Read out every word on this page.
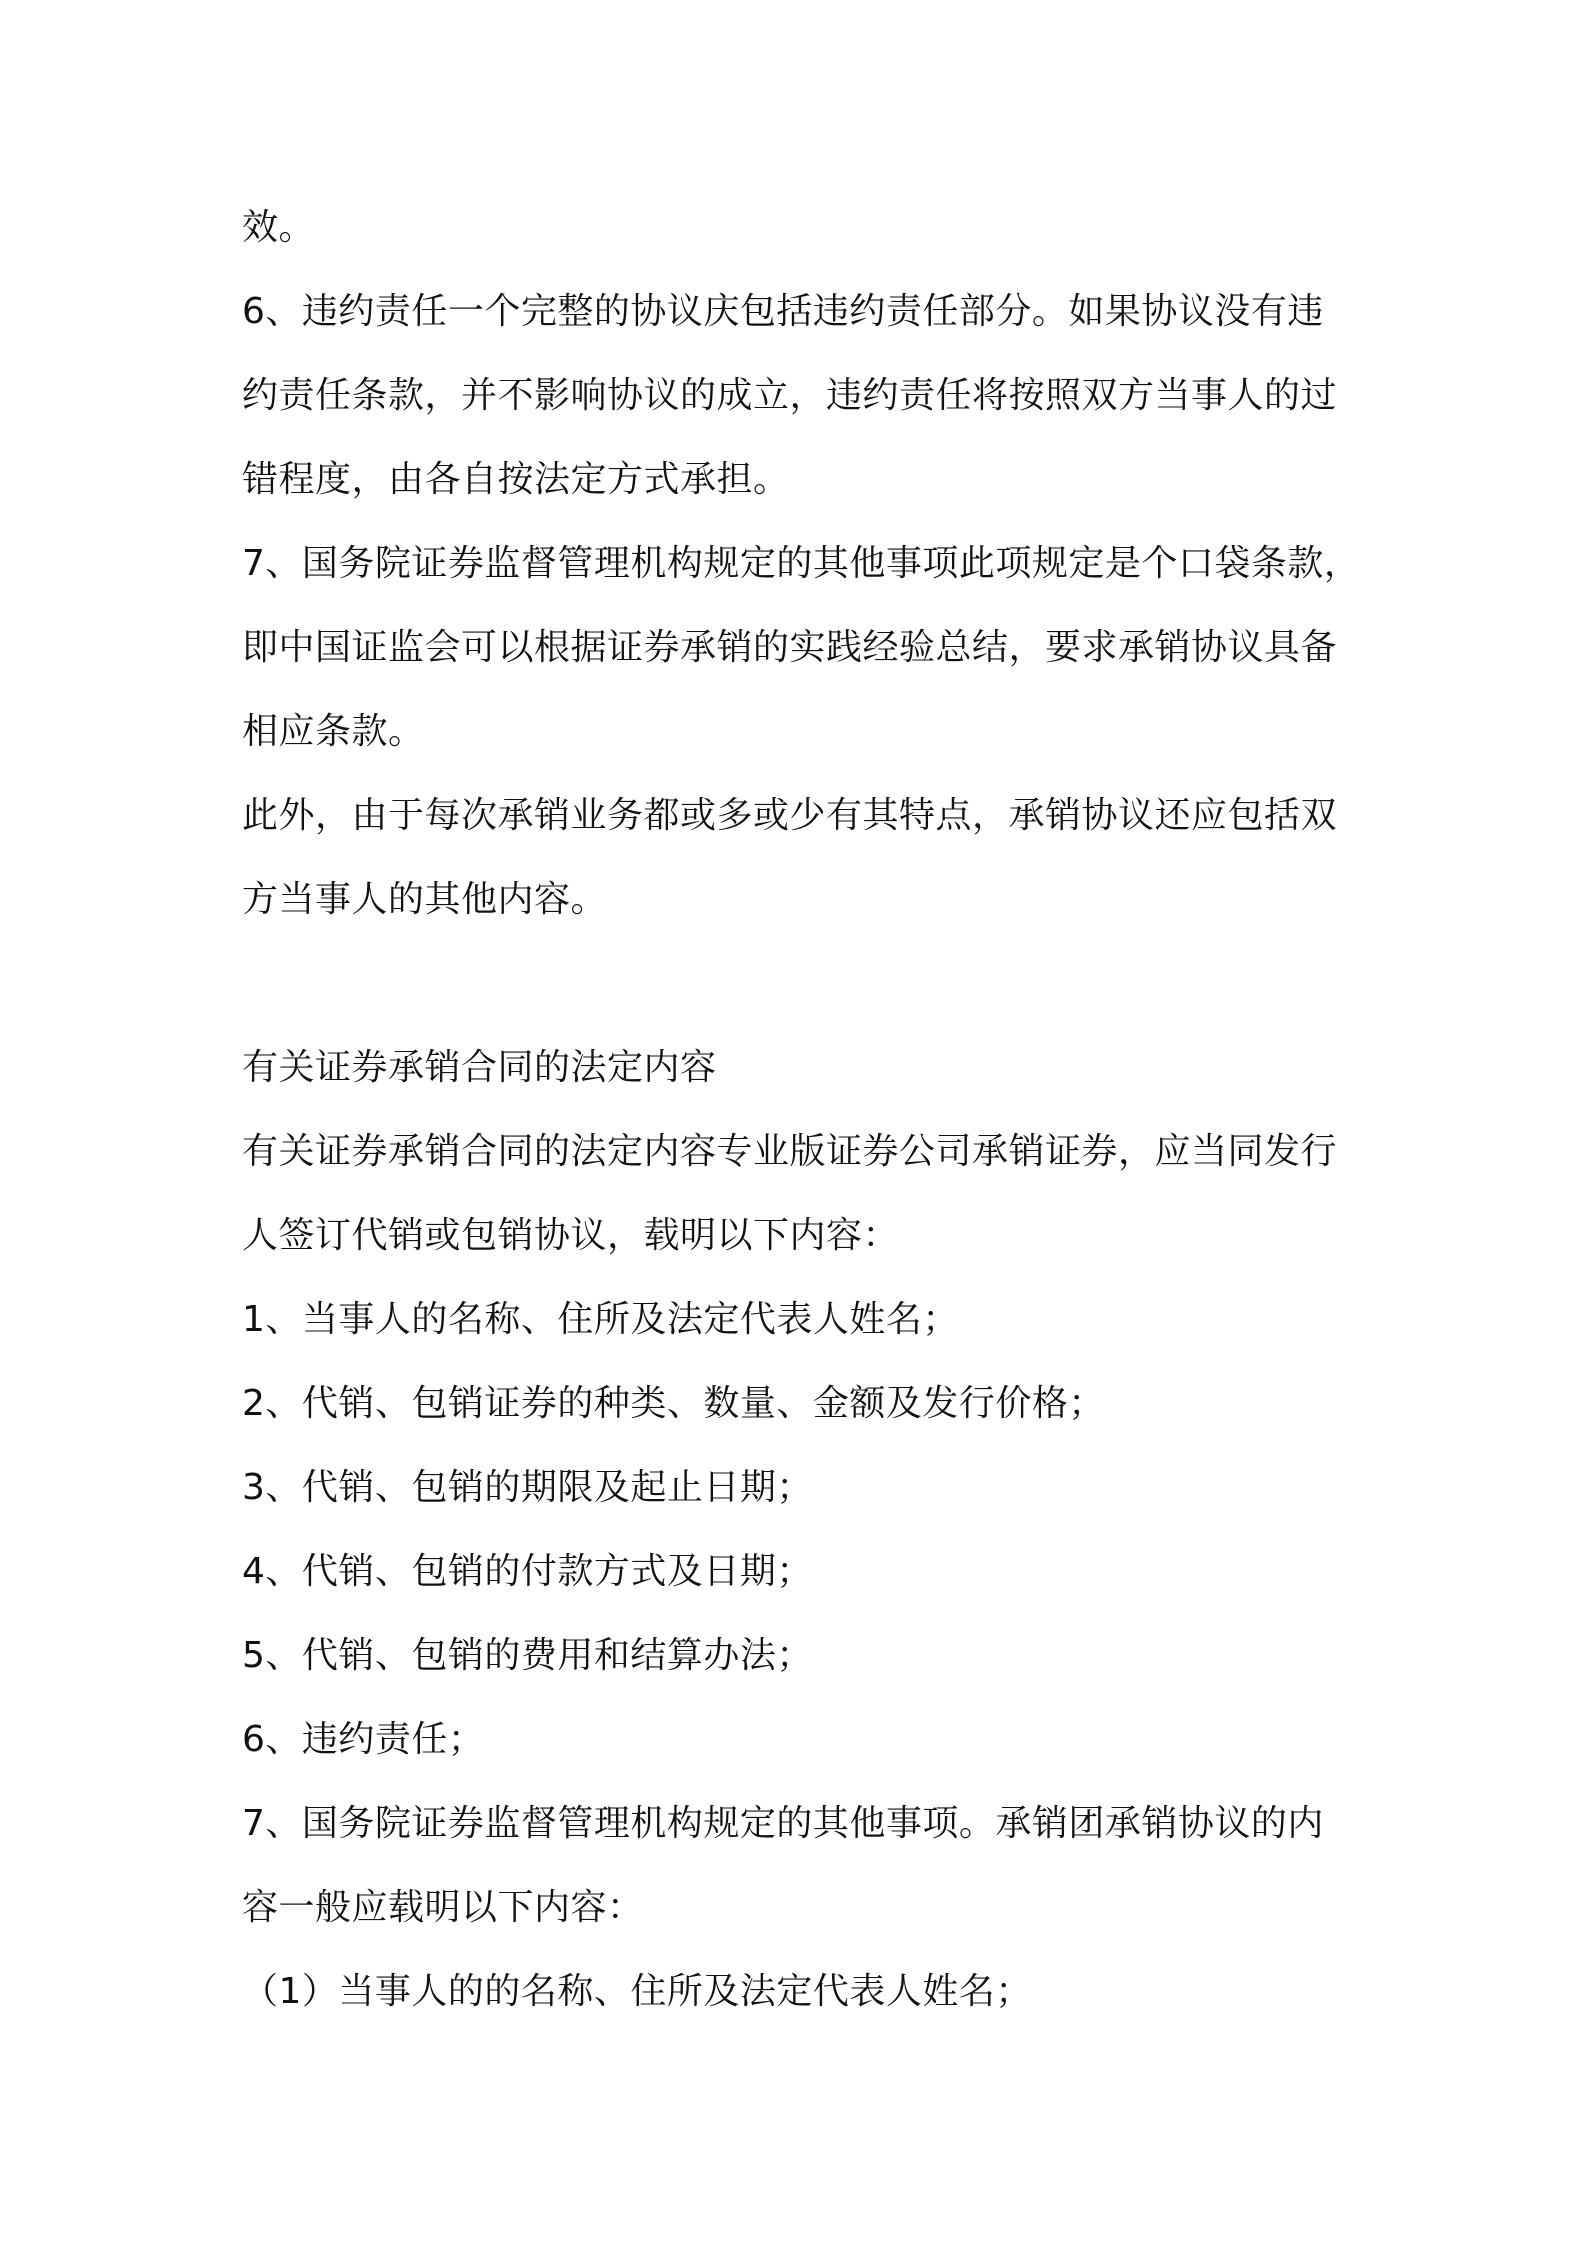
效。
6、违约责任一个完整的协议庆包括违约责任部分。如果协议没有违
约责任条款，并不影响协议的成立，违约责任将按照双方当事人的过
错程度，由各自按法定方式承担。
7、国务院证券监督管理机构规定的其他事项此项规定是个口袋条款，
即中国证监会可以根据证券承销的实践经验总结，要求承销协议具备
相应条款。
此外，由于每次承销业务都或多或少有其特点，承销协议还应包括双
方当事人的其他内容。
有关证券承销合同的法定内容
有关证券承销合同的法定内容专业版证券公司承销证券，应当同发行
人签订代销或包销协议，载明以下内容：
1、当事人的名称、住所及法定代表人姓名；
2、代销、包销证券的种类、数量、金额及发行价格；
3、代销、包销的期限及起止日期；
4、代销、包销的付款方式及日期；
5、代销、包销的费用和结算办法；
6、违约责任；
7、国务院证券监督管理机构规定的其他事项。承销团承销协议的内
容一般应载明以下内容：
（1）当事人的的名称、住所及法定代表人姓名；
